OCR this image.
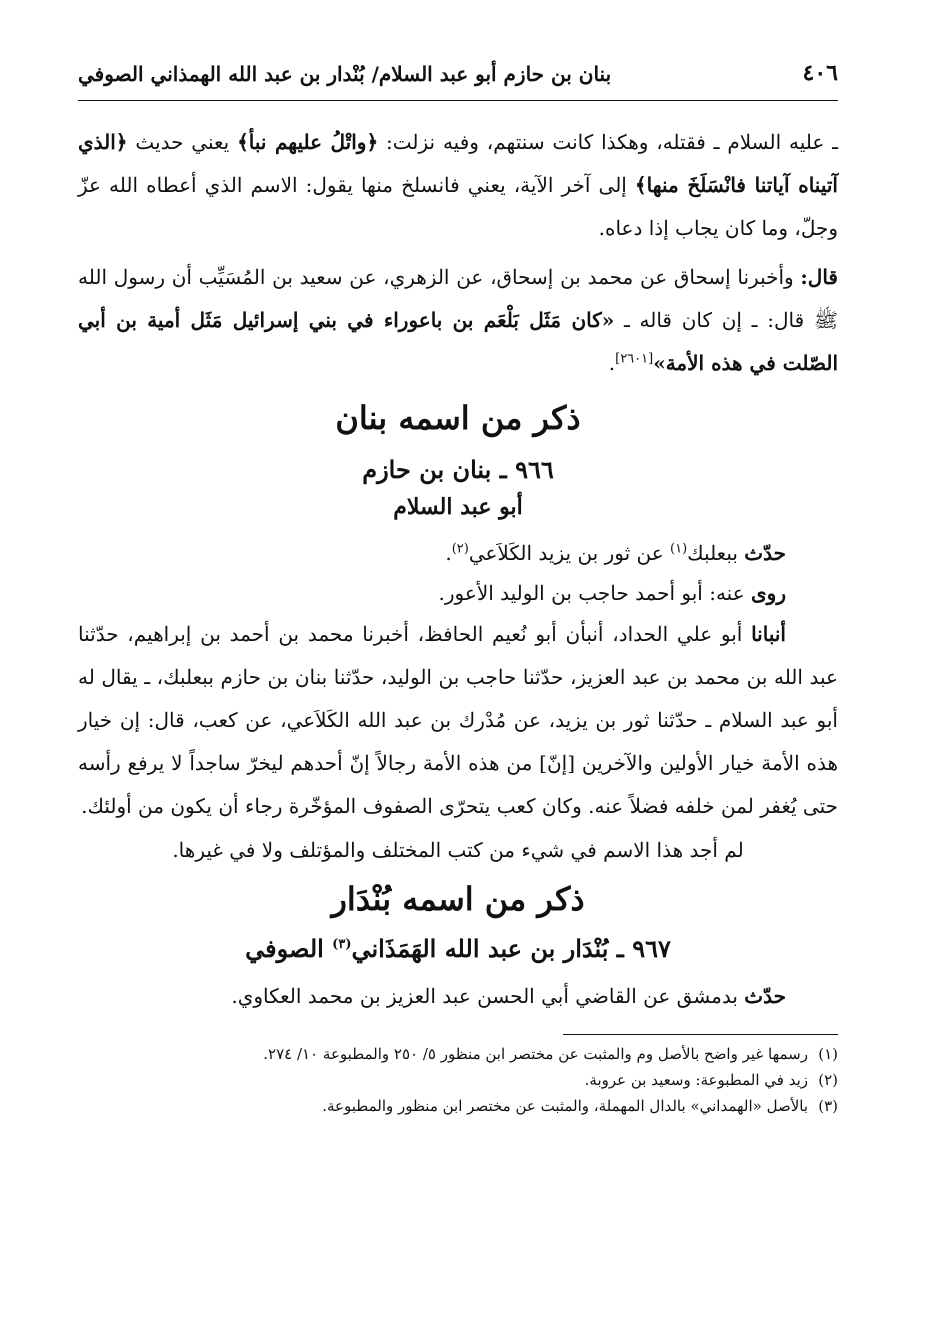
٤٠٦
بنان بن حازم أبو عبد السلام/ بُنْدار بن عبد الله الهمذاني الصوفي

ـ عليه السلام ـ فقتله، وهكذا كانت سنتهم، وفيه نزلت: ﴿واتْلُ عليهم نبأ﴾ يعني حديث ﴿الذي آتيناه آياتنا فانْسَلَخَ منها﴾ إلى آخر الآية، يعني فانسلخ منها يقول: الاسم الذي أعطاه الله عزّ وجلّ، وما كان يجاب إذا دعاه.

قال: وأخبرنا إسحاق عن محمد بن إسحاق، عن الزهري، عن سعيد بن المُسَيِّب أن رسول الله ﷺ قال: ـ إن كان قاله ـ «كان مَثَل بَلْعَم بن باعوراء في بني إسرائيل مَثَل أمية بن أبي الصّلت في هذه الأمة»[٢٦٠١].

ذكر من اسمه بنان

٩٦٦ ـ بنان بن حازم

أبو عبد السلام

حدّث ببعلبك$^{(١)}$ عن ثور بن يزيد الكَلاَعي$^{(٢)}$.

روى عنه: أبو أحمد حاجب بن الوليد الأعور.

أنبانا أبو علي الحداد، أنبأن أبو نُعيم الحافظ، أخبرنا محمد بن أحمد بن إبراهيم، حدّثنا عبد الله بن محمد بن عبد العزيز، حدّثنا حاجب بن الوليد، حدّثنا بنان بن حازم ببعلبك، ـ يقال له أبو عبد السلام ـ حدّثنا ثور بن يزيد، عن مُدْرك بن عبد الله الكَلاَعي، عن كعب، قال: إن خيار هذه الأمة خيار الأولين والآخرين [إنّ] من هذه الأمة رجالاً إنّ أحدهم ليخرّ ساجداً لا يرفع رأسه حتى يُغفر لمن خلفه فضلاً عنه. وكان كعب يتحرّى الصفوف المؤخّرة رجاء أن يكون من أولئك.

لم أجد هذا الاسم في شيء من كتب المختلف والمؤتلف ولا في غيرها.

ذكر من اسمه بُنْدَار

٩٦٧ ـ بُنْدَار بن عبد الله الهَمَذَاني$^{(٣)}$ الصوفي

حدّث بدمشق عن القاضي أبي الحسن عبد العزيز بن محمد العكاوي.

(١)رسمها غير واضح بالأصل وم والمثبت عن مختصر ابن منظور ٥/ ٢٥٠ والمطبوعة ١٠/ ٢٧٤.

(٢)زيد في المطبوعة: وسعيد بن عروبة.

(٣)بالأصل «الهمداني» بالدال المهملة، والمثبت عن مختصر ابن منظور والمطبوعة.
